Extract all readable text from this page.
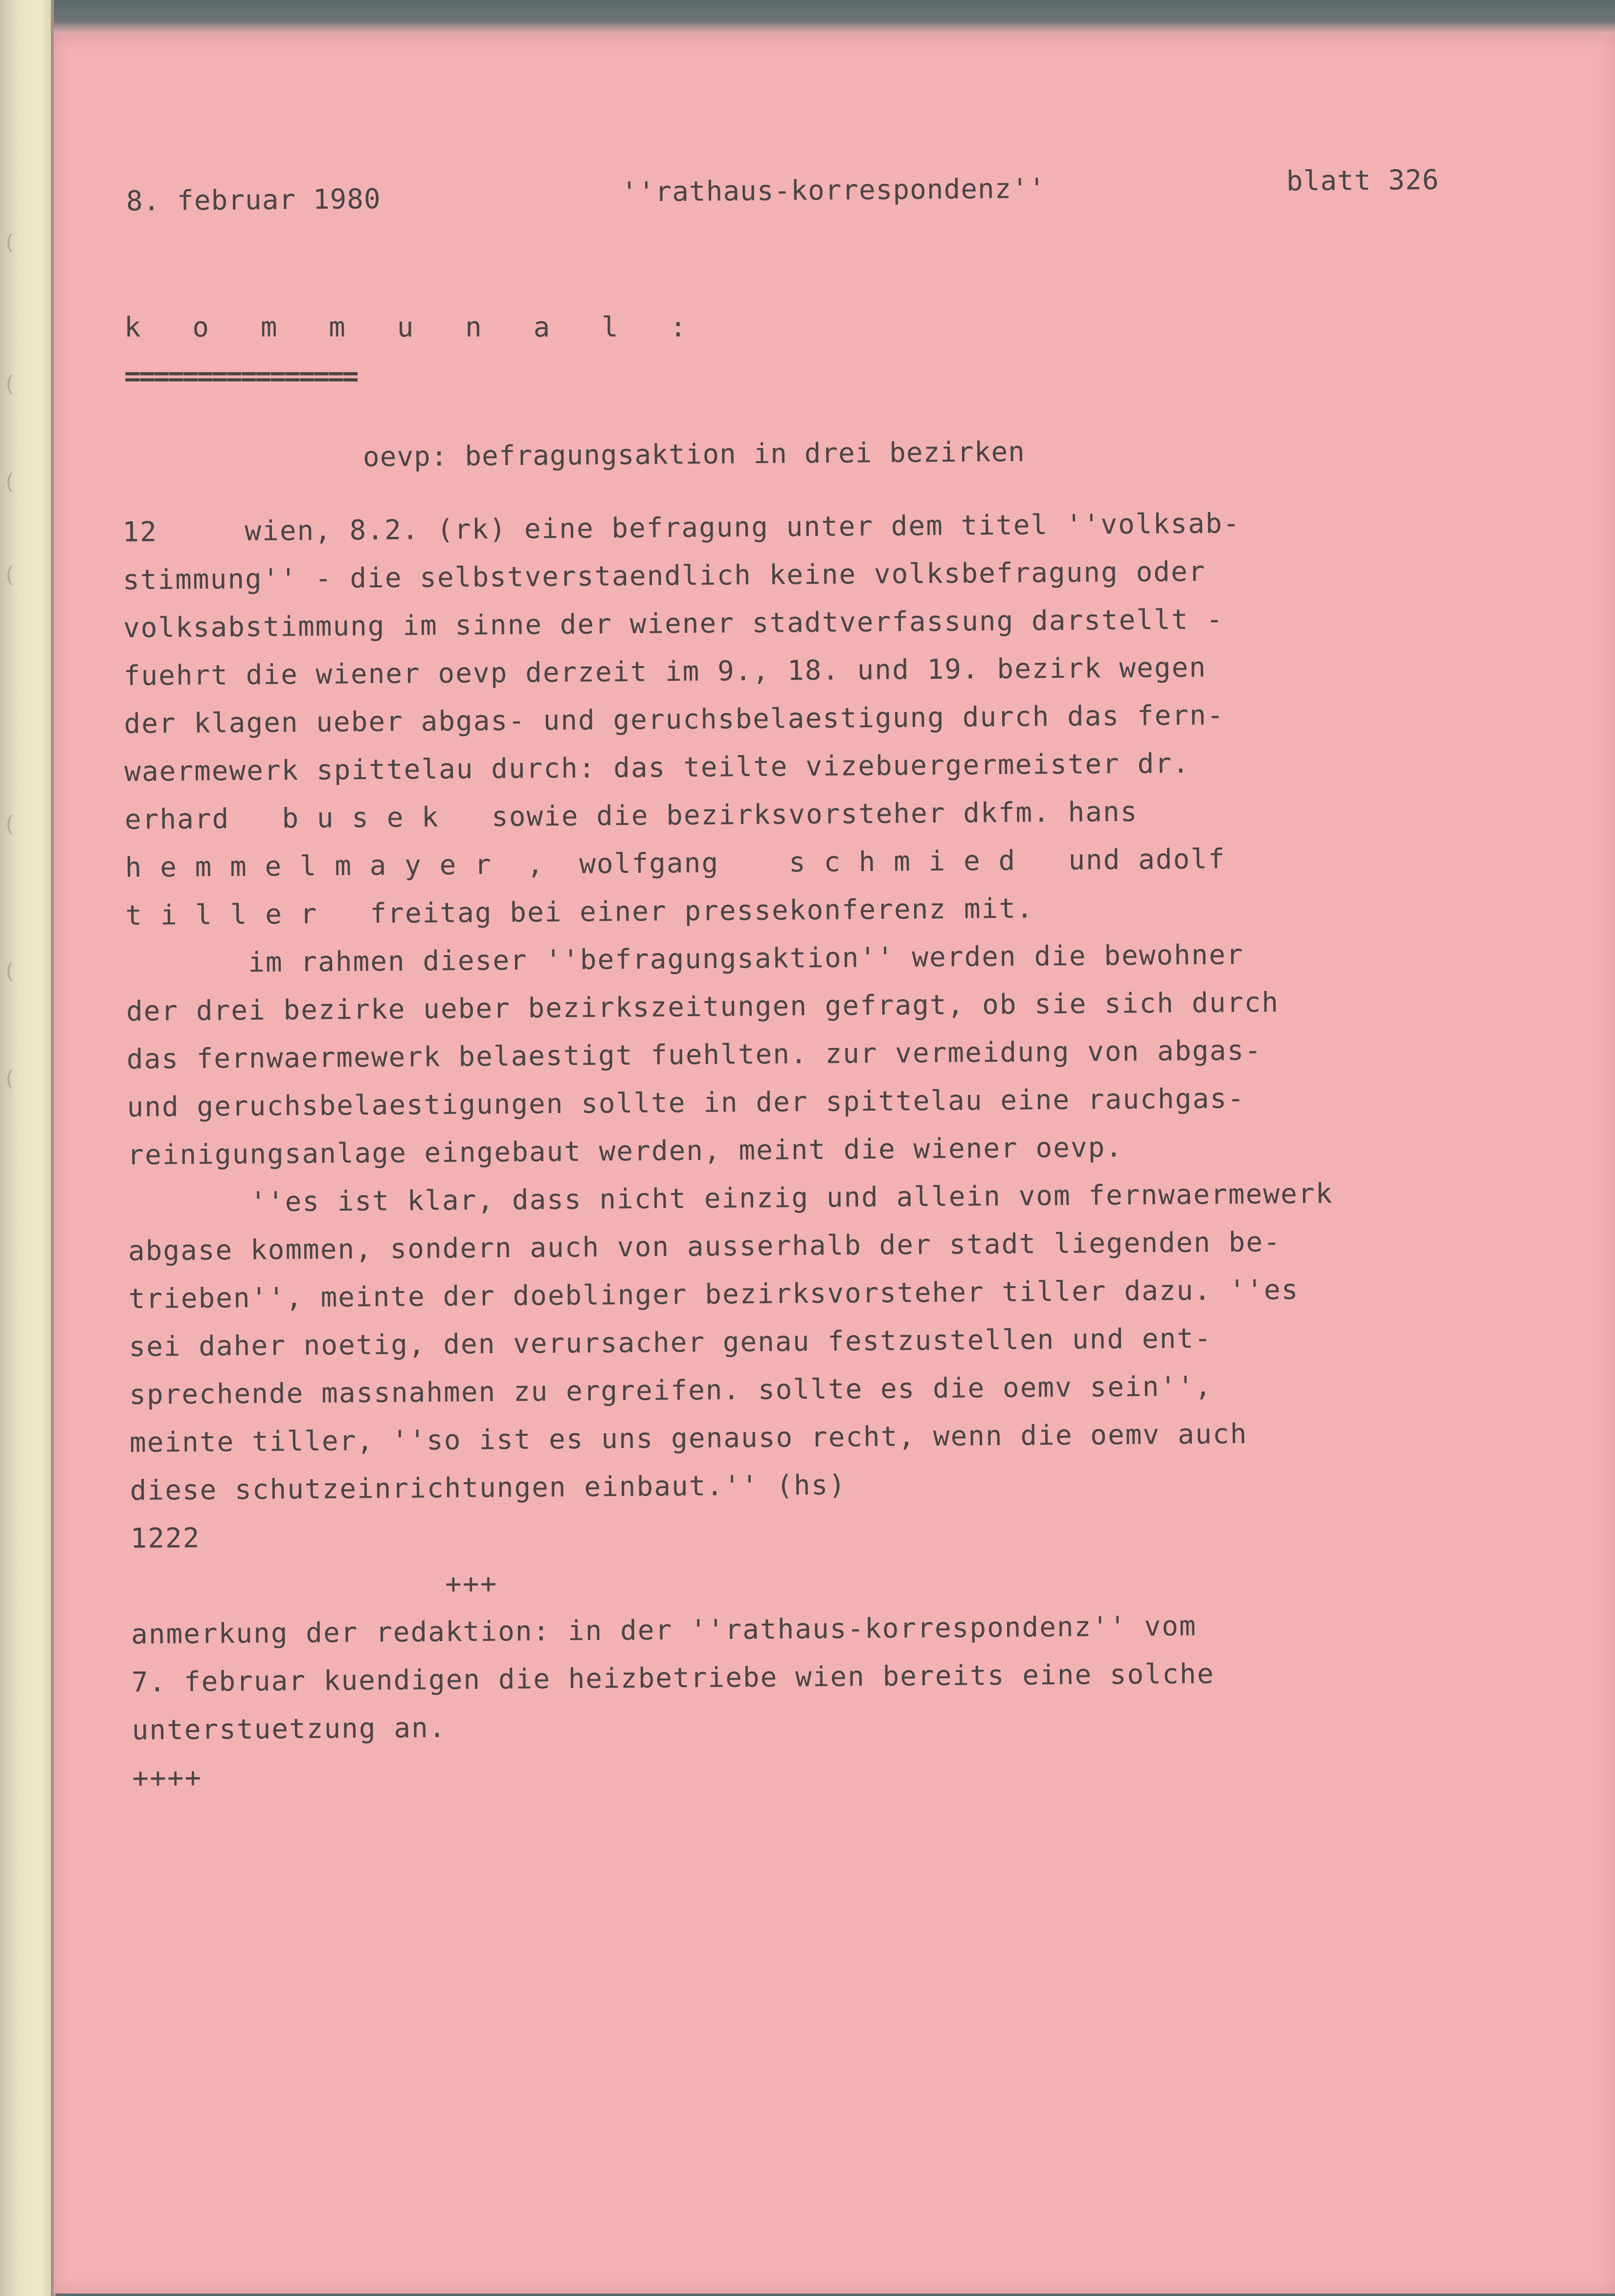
(
(
(
(
(
(
(
8. februar 1980	''rathaus-korrespondenz''	blatt 326
k o m m u n a l :
================
oevp: befragungsaktion in drei bezirken
12     wien, 8.2. (rk) eine befragung unter dem titel ''volksab-
stimmung'' - die selbstverstaendlich keine volksbefragung oder
volksabstimmung im sinne der wiener stadtverfassung darstellt -
fuehrt die wiener oevp derzeit im 9., 18. und 19. bezirk wegen
der klagen ueber abgas- und geruchsbelaestigung durch das fern-
waermewerk spittelau durch: das teilte vizebuergermeister dr.
erhard   b u s e k   sowie die bezirksvorsteher dkfm. hans
h e m m e l m a y e r  ,  wolfgang    s c h m i e d   und adolf
t i l l e r   freitag bei einer pressekonferenz mit.
im rahmen dieser ''befragungsaktion'' werden die bewohner
der drei bezirke ueber bezirkszeitungen gefragt, ob sie sich durch
das fernwaermewerk belaestigt fuehlten. zur vermeidung von abgas-
und geruchsbelaestigungen sollte in der spittelau eine rauchgas-
reinigungsanlage eingebaut werden, meint die wiener oevp.
''es ist klar, dass nicht einzig und allein vom fernwaermewerk
abgase kommen, sondern auch von ausserhalb der stadt liegenden be-
trieben'', meinte der doeblinger bezirksvorsteher tiller dazu. ''es
sei daher noetig, den verursacher genau festzustellen und ent-
sprechende massnahmen zu ergreifen. sollte es die oemv sein'',
meinte tiller, ''so ist es uns genauso recht, wenn die oemv auch
diese schutzeinrichtungen einbaut.'' (hs)
1222
+++
anmerkung der redaktion: in der ''rathaus-korrespondenz'' vom
7. februar kuendigen die heizbetriebe wien bereits eine solche
unterstuetzung an.
++++
